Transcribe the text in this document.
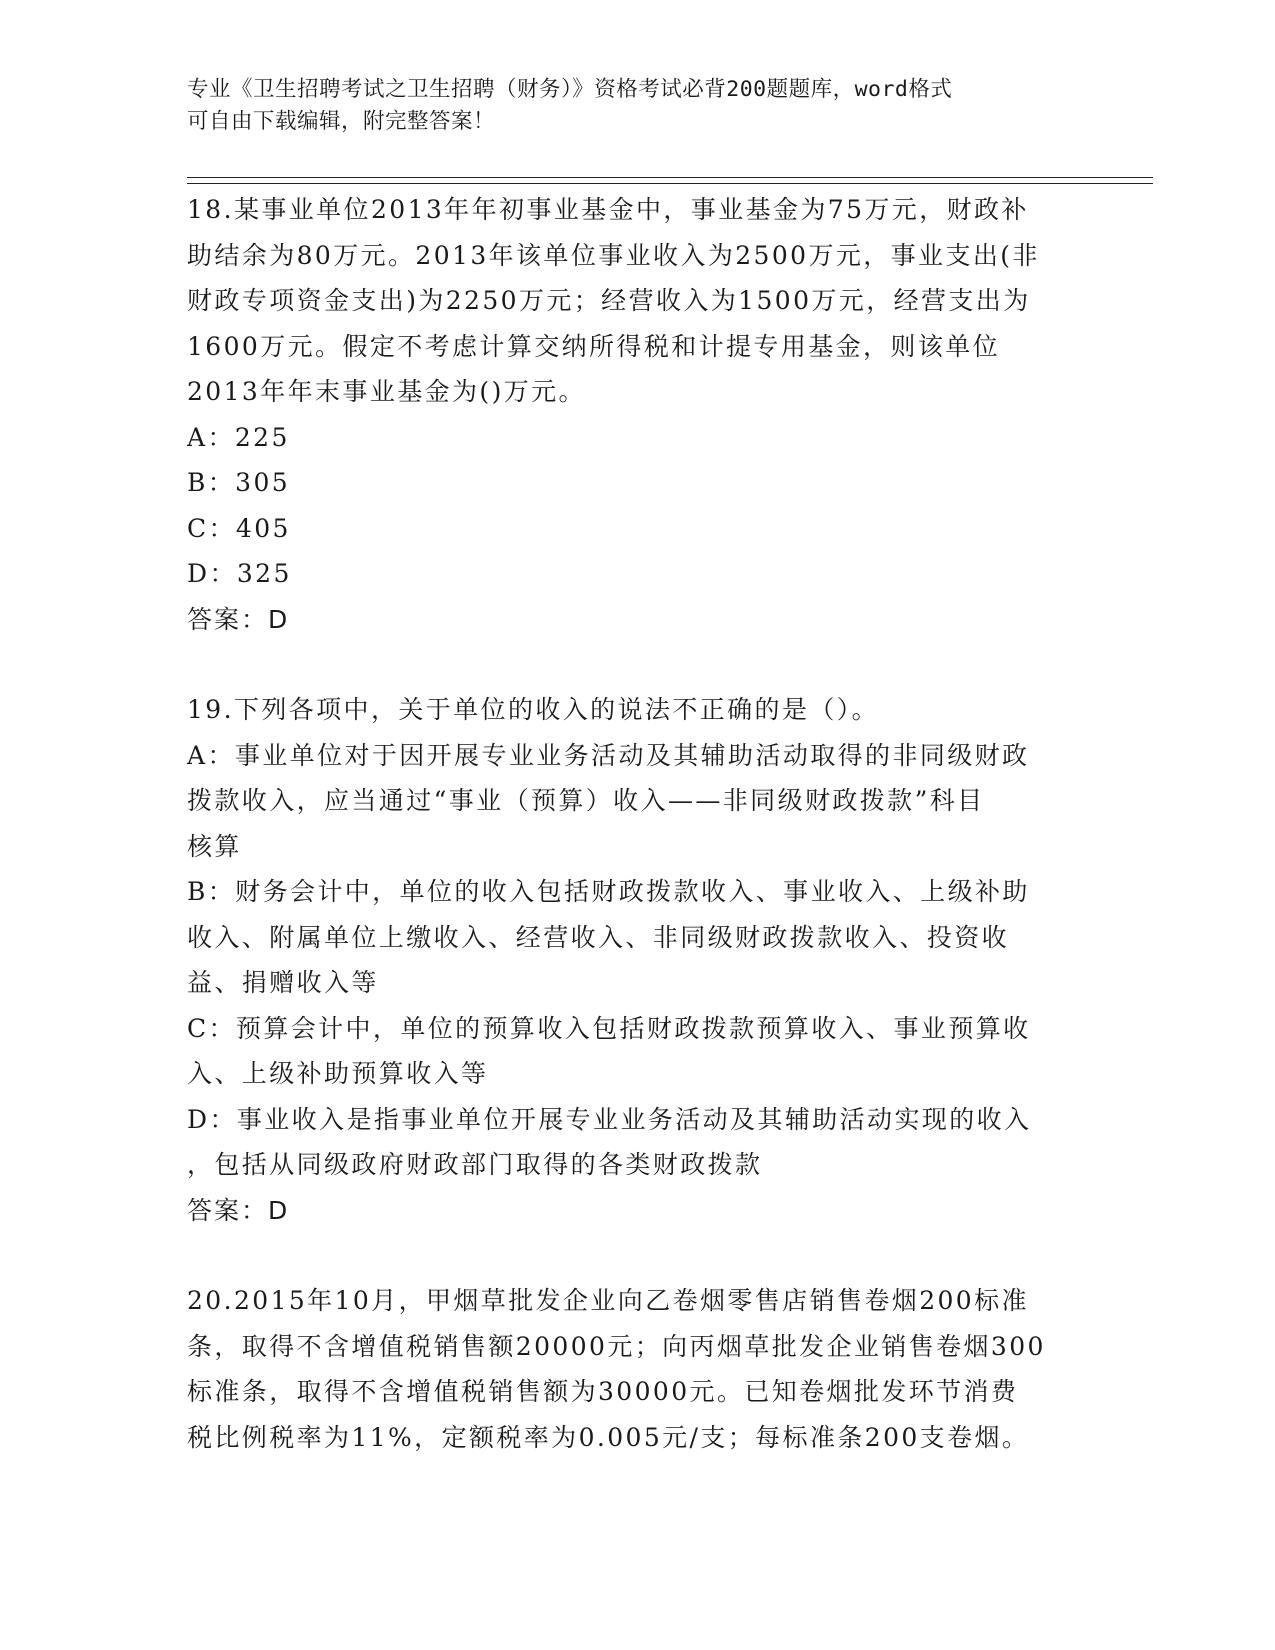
专业《卫生招聘考试之卫生招聘（财务）》资格考试必背200题题库，word格式
可自由下载编辑，附完整答案！
18.某事业单位2013年年初事业基金中，事业基金为75万元，财政补
助结余为80万元。2013年该单位事业收入为2500万元，事业支出(非
财政专项资金支出)为2250万元；经营收入为1500万元，经营支出为
1600万元。假定不考虑计算交纳所得税和计提专用基金，则该单位
2013年年末事业基金为()万元。
A：225
B：305
C：405
D：325
答案：D
19.下列各项中，关于单位的收入的说法不正确的是（）。
A：事业单位对于因开展专业业务活动及其辅助活动取得的非同级财政
拨款收入，应当通过“事业（预算）收入——非同级财政拨款”科目
核算
B：财务会计中，单位的收入包括财政拨款收入、事业收入、上级补助
收入、附属单位上缴收入、经营收入、非同级财政拨款收入、投资收
益、捐赠收入等
C：预算会计中，单位的预算收入包括财政拨款预算收入、事业预算收
入、上级补助预算收入等
D：事业收入是指事业单位开展专业业务活动及其辅助活动实现的收入
，包括从同级政府财政部门取得的各类财政拨款
答案：D
20.2015年10月，甲烟草批发企业向乙卷烟零售店销售卷烟200标准
条，取得不含增值税销售额20000元；向丙烟草批发企业销售卷烟300
标准条，取得不含增值税销售额为30000元。已知卷烟批发环节消费
税比例税率为11%，定额税率为0.005元/支；每标准条200支卷烟。
